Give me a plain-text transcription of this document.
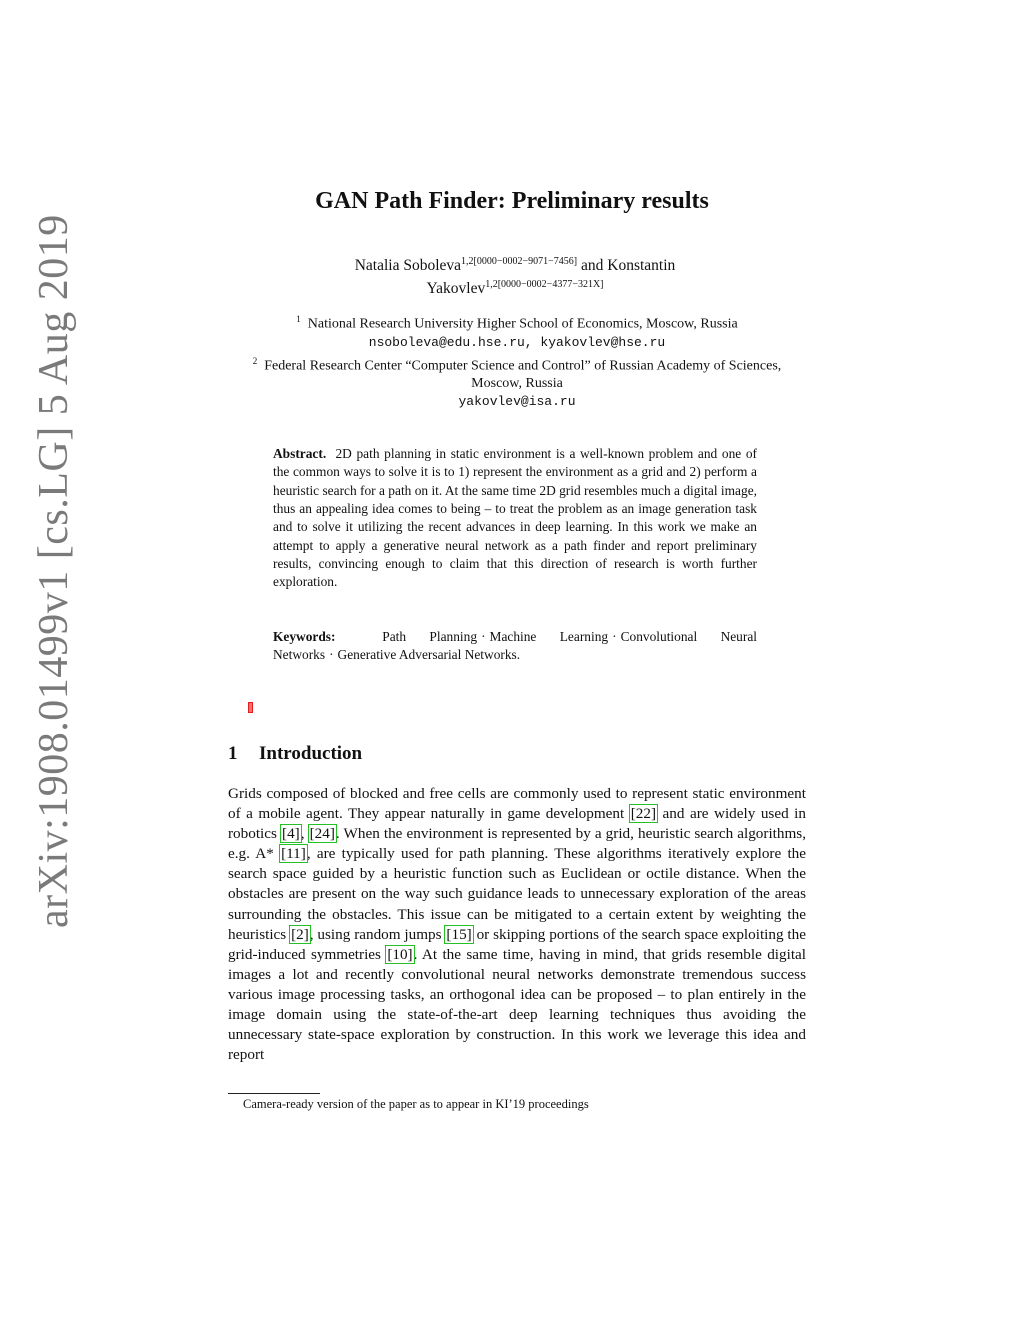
arXiv:1908.01499v1 [cs.LG] 5 Aug 2019
GAN Path Finder: Preliminary results
Natalia Soboleva$^{1,2[0000-0002-9071-7456]}$ and Konstantin
Yakovlev$^{1,2[0000-0002-4377-321X]}$
$^1$ National Research University Higher School of Economics, Moscow, Russia
nsoboleva@edu.hse.ru, kyakovlev@hse.ru
$^2$ Federal Research Center “Computer Science and Control” of Russian Academy of Sciences, Moscow, Russia
yakovlev@isa.ru
Abstract. 2D path planning in static environment is a well-known problem and one of the common ways to solve it is to 1) represent the environment as a grid and 2) perform a heuristic search for a path on it. At the same time 2D grid resembles much a digital image, thus an appealing idea comes to being – to treat the problem as an image generation task and to solve it utilizing the recent advances in deep learning. In this work we make an attempt to apply a generative neural network as a path finder and report preliminary results, convincing enough to claim that this direction of research is worth further exploration.
Keywords:	Path Planning · Machine Learning · Convolutional Neural Networks · Generative Adversarial Networks.
1 Introduction
Grids composed of blocked and free cells are commonly used to represent static environment of a mobile agent. They appear naturally in game development [22] and are widely used in robotics [4], [24]. When the environment is represented by a grid, heuristic search algorithms, e.g. A* [11], are typically used for path planning. These algorithms iteratively explore the search space guided by a heuristic function such as Euclidean or octile distance. When the obstacles are present on the way such guidance leads to unnecessary exploration of the areas surrounding the obstacles. This issue can be mitigated to a certain extent by weighting the heuristics [2], using random jumps [15] or skipping portions of the search space exploiting the grid-induced symmetries [10]. At the same time, having in mind, that grids resemble digital images a lot and recently convolutional neural networks demonstrate tremendous success various image processing tasks, an orthogonal idea can be proposed – to plan entirely in the image domain using the state-of-the-art deep learning techniques thus avoiding the unnecessary state-space exploration by construction. In this work we leverage this idea and report
Camera-ready version of the paper as to appear in KI’19 proceedings
